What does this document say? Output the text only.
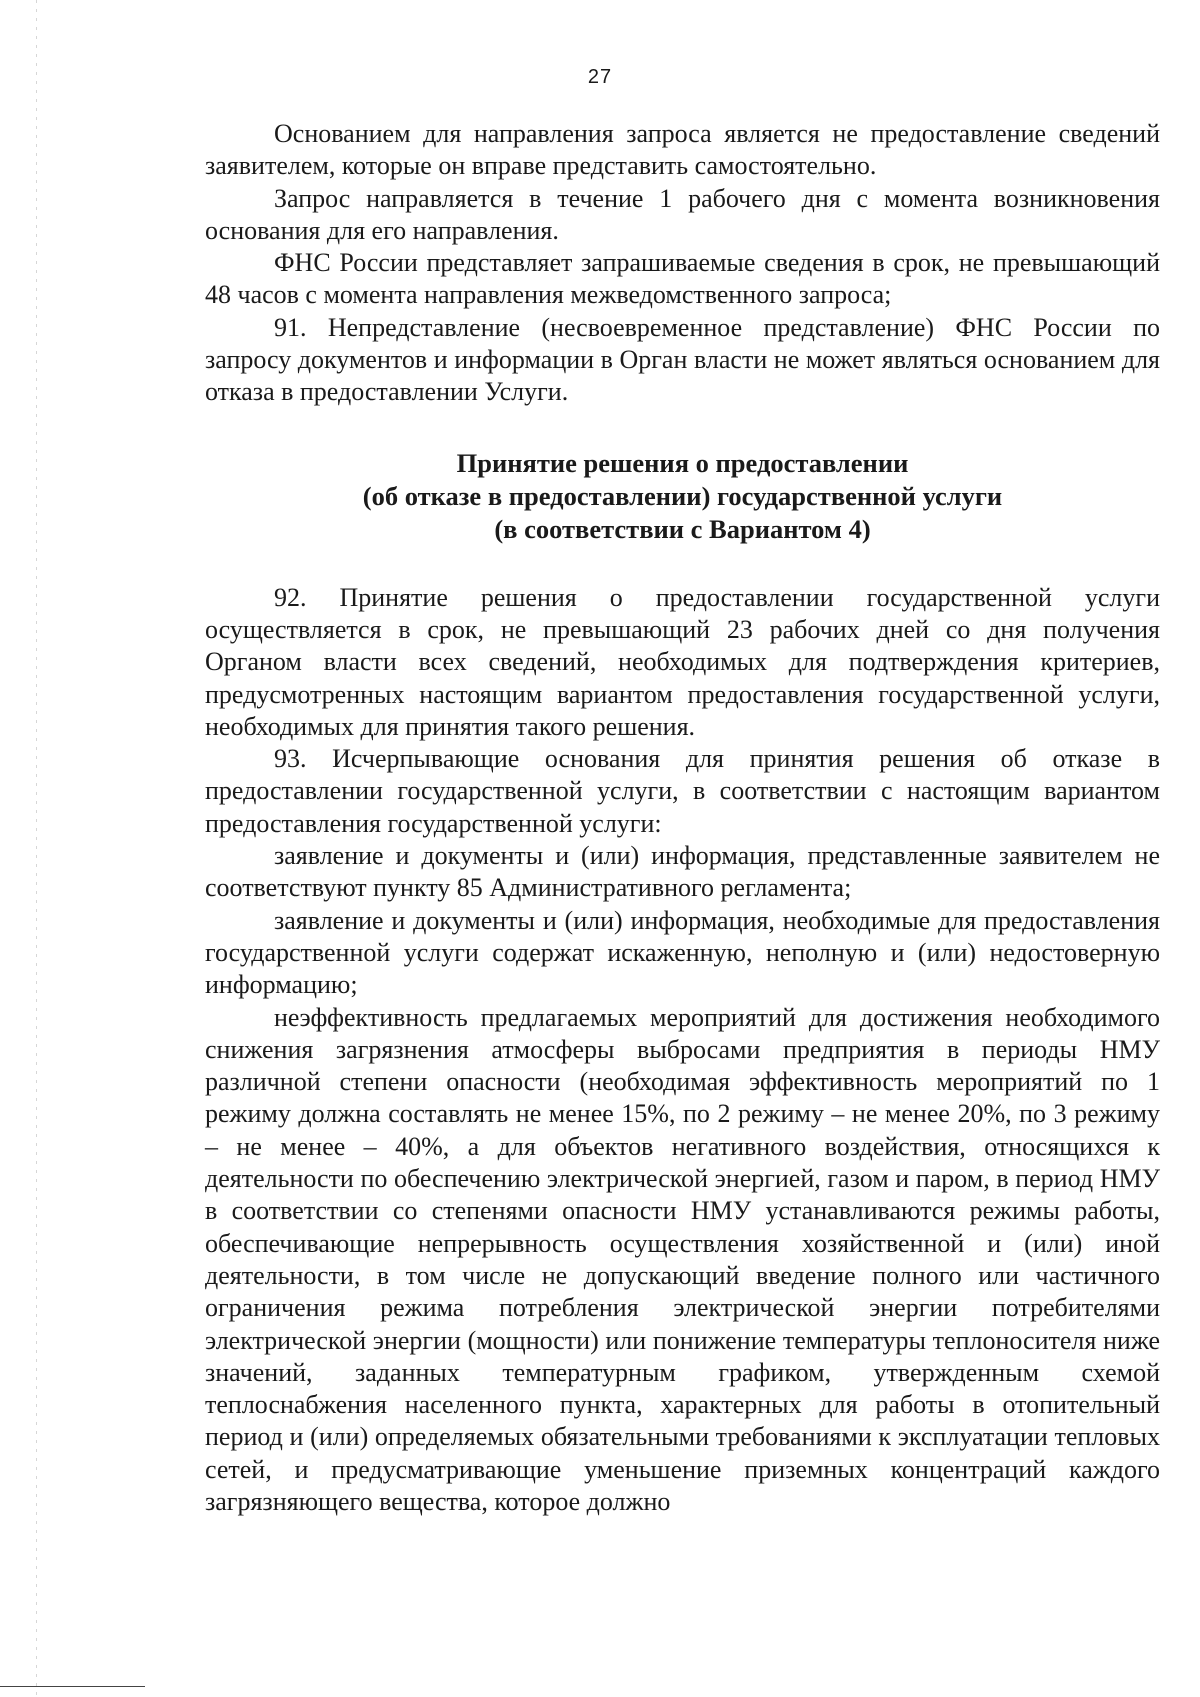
27

Основанием для направления запроса является не предоставление сведений заявителем, которые он вправе представить самостоятельно.

Запрос направляется в течение 1 рабочего дня с момента возникновения основания для его направления.

ФНС России представляет запрашиваемые сведения в срок, не превышающий 48 часов с момента направления межведомственного запроса;

91. Непредставление (несвоевременное представление) ФНС России по запросу документов и информации в Орган власти не может являться основанием для отказа в предоставлении Услуги.

Принятие решения о предоставлении
(об отказе в предоставлении) государственной услуги
(в соответствии с Вариантом 4)

92. Принятие решения о предоставлении государственной услуги осуществляется в срок, не превышающий 23 рабочих дней со дня получения Органом власти всех сведений, необходимых для подтверждения критериев, предусмотренных настоящим вариантом предоставления государственной услуги, необходимых для принятия такого решения.

93. Исчерпывающие основания для принятия решения об отказе в предоставлении государственной услуги, в соответствии с настоящим вариантом предоставления государственной услуги:

заявление и документы и (или) информация, представленные заявителем не соответствуют пункту 85 Административного регламента;

заявление и документы и (или) информация, необходимые для предоставления государственной услуги содержат искаженную, неполную и (или) недостоверную информацию;

неэффективность предлагаемых мероприятий для достижения необходимого снижения загрязнения атмосферы выбросами предприятия в периоды НМУ различной степени опасности (необходимая эффективность мероприятий по 1 режиму должна составлять не менее 15%, по 2 режиму – не менее 20%, по 3 режиму – не менее – 40%, а для объектов негативного воздействия, относящихся к деятельности по обеспечению электрической энергией, газом и паром, в период НМУ в соответствии со степенями опасности НМУ устанавливаются режимы работы, обеспечивающие непрерывность осуществления хозяйственной и (или) иной деятельности, в том числе не допускающий введение полного или частичного ограничения режима потребления электрической энергии потребителями электрической энергии (мощности) или понижение температуры теплоносителя ниже значений, заданных температурным графиком, утвержденным схемой теплоснабжения населенного пункта, характерных для работы в отопительный период и (или) определяемых обязательными требованиями к эксплуатации тепловых сетей, и предусматривающие уменьшение приземных концентраций каждого загрязняющего вещества, которое должно
